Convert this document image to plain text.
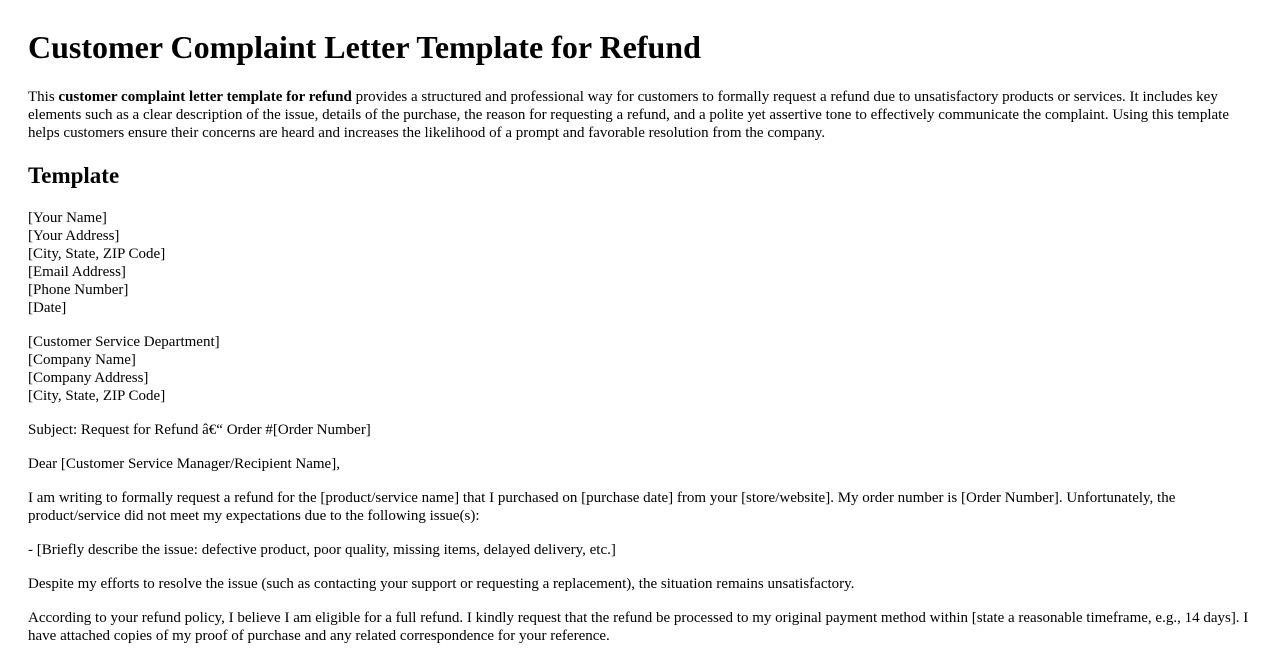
Customer Complaint Letter Template for Refund

This customer complaint letter template for refund provides a structured and professional way for customers to formally request a refund due to unsatisfactory products or services. It includes key elements such as a clear description of the issue, details of the purchase, the reason for requesting a refund, and a polite yet assertive tone to effectively communicate the complaint. Using this template helps customers ensure their concerns are heard and increases the likelihood of a prompt and favorable resolution from the company.

Template
[Your Name]
[Your Address]
[City, State, ZIP Code]
[Email Address]
[Phone Number]
[Date]
[Customer Service Department]
[Company Name]
[Company Address]
[City, State, ZIP Code]

Subject: Request for Refund â€“ Order #[Order Number]

Dear [Customer Service Manager/Recipient Name],

I am writing to formally request a refund for the [product/service name] that I purchased on [purchase date] from your [store/website]. My order number is [Order Number]. Unfortunately, the product/service did not meet my expectations due to the following issue(s):

- [Briefly describe the issue: defective product, poor quality, missing items, delayed delivery, etc.]

Despite my efforts to resolve the issue (such as contacting your support or requesting a replacement), the situation remains unsatisfactory.

According to your refund policy, I believe I am eligible for a full refund. I kindly request that the refund be processed to my original payment method within [state a reasonable timeframe, e.g., 14 days]. I have attached copies of my proof of purchase and any related correspondence for your reference.
